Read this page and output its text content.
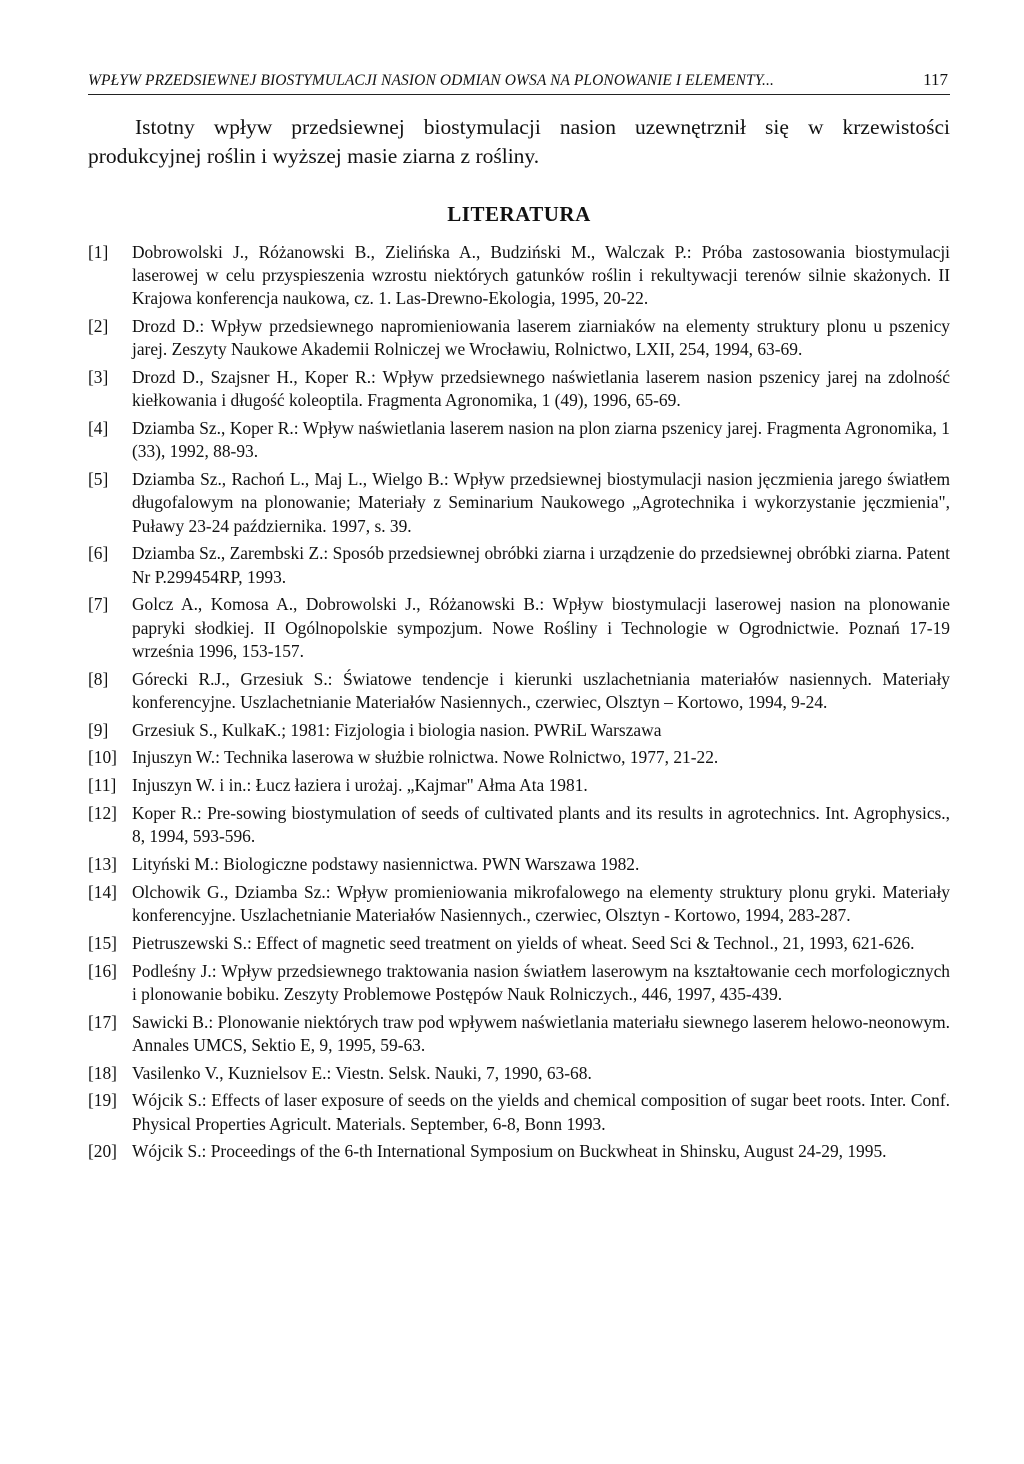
WPŁYW PRZEDSIEWNEJ BIOSTYMULACJI NASION ODMIAN OWSA NA PLONOWANIE I ELEMENTY...	117

Istotny wpływ przedsiewnej biostymulacji nasion uzewnętrznił się w krzewistości produkcyjnej roślin i wyższej masie ziarna z rośliny.

LITERATURA
[1]	Dobrowolski J., Różanowski B., Zielińska A., Budziński M., Walczak P.: Próba zastosowania biostymulacji laserowej w celu przyspieszenia wzrostu niektórych gatunków roślin i rekultywacji terenów silnie skażonych. II Krajowa konferencja naukowa, cz. 1. Las-Drewno-Ekologia, 1995, 20-22.
[2]	Drozd D.: Wpływ przedsiewnego napromieniowania laserem ziarniaków na elementy struktury plonu u pszenicy jarej. Zeszyty Naukowe Akademii Rolniczej we Wrocławiu, Rolnictwo, LXII, 254, 1994, 63-69.
[3]	Drozd D., Szajsner H., Koper R.: Wpływ przedsiewnego naświetlania laserem nasion pszenicy jarej na zdolność kiełkowania i długość koleoptila. Fragmenta Agronomika, 1 (49), 1996, 65-69.
[4]	Dziamba Sz., Koper R.: Wpływ naświetlania laserem nasion na plon ziarna pszenicy jarej. Fragmenta Agronomika, 1 (33), 1992, 88-93.
[5]	Dziamba Sz., Rachoń L., Maj L., Wielgo B.: Wpływ przedsiewnej biostymulacji nasion jęczmienia jarego światłem długofalowym na plonowanie; Materiały z Seminarium Naukowego „Agrotechnika i wykorzystanie jęczmienia", Puławy 23-24 października. 1997, s. 39.
[6]	Dziamba Sz., Zarembski Z.: Sposób przedsiewnej obróbki ziarna i urządzenie do przedsiewnej obróbki ziarna. Patent Nr P.299454RP, 1993.
[7]	Golcz A., Komosa A., Dobrowolski J., Różanowski B.: Wpływ biostymulacji laserowej nasion na plonowanie papryki słodkiej. II Ogólnopolskie sympozjum. Nowe Rośliny i Technologie w Ogrodnictwie. Poznań 17-19 września 1996, 153-157.
[8]	Górecki R.J., Grzesiuk S.: Światowe tendencje i kierunki uszlachetniania materiałów nasiennych. Materiały konferencyjne. Uszlachetnianie Materiałów Nasiennych., czerwiec, Olsztyn – Kortowo, 1994, 9-24.
[9]	Grzesiuk S., KulkaK.; 1981: Fizjologia i biologia nasion. PWRiL Warszawa
[10] Injuszyn W.: Technika laserowa w służbie rolnictwa. Nowe Rolnictwo, 1977, 21-22.
[11] Injuszyn W. i in.: Łucz łaziera i urożaj. „Kajmar" Ałma Ata 1981.
[12] Koper R.: Pre-sowing biostymulation of seeds of cultivated plants and its results in agrotechnics. Int. Agrophysics., 8, 1994, 593-596.
[13] Lityński M.: Biologiczne podstawy nasiennictwa. PWN Warszawa 1982.
[14] Olchowik G., Dziamba Sz.: Wpływ promieniowania mikrofalowego na elementy struktury plonu gryki. Materiały konferencyjne. Uszlachetnianie Materiałów Nasiennych., czerwiec, Olsztyn - Kortowo, 1994, 283-287.
[15] Pietruszewski S.: Effect of magnetic seed treatment on yields of wheat. Seed Sci & Technol., 21, 1993, 621-626.
[16] Podleśny J.: Wpływ przedsiewnego traktowania nasion światłem laserowym na kształtowanie cech morfologicznych i plonowanie bobiku. Zeszyty Problemowe Postępów Nauk Rolniczych., 446, 1997, 435-439.
[17] Sawicki B.: Plonowanie niektórych traw pod wpływem naświetlania materiału siewnego laserem helowo-neonowym. Annales UMCS, Sektio E, 9, 1995, 59-63.
[18] Vasilenko V., Kuznielsov E.: Viestn. Selsk. Nauki, 7, 1990, 63-68.
[19] Wójcik S.: Effects of laser exposure of seeds on the yields and chemical composition of sugar beet roots. Inter. Conf. Physical Properties Agricult. Materials. September, 6-8, Bonn 1993.
[20] Wójcik S.: Proceedings of the 6-th International Symposium on Buckwheat in Shinsku, August 24-29, 1995.
